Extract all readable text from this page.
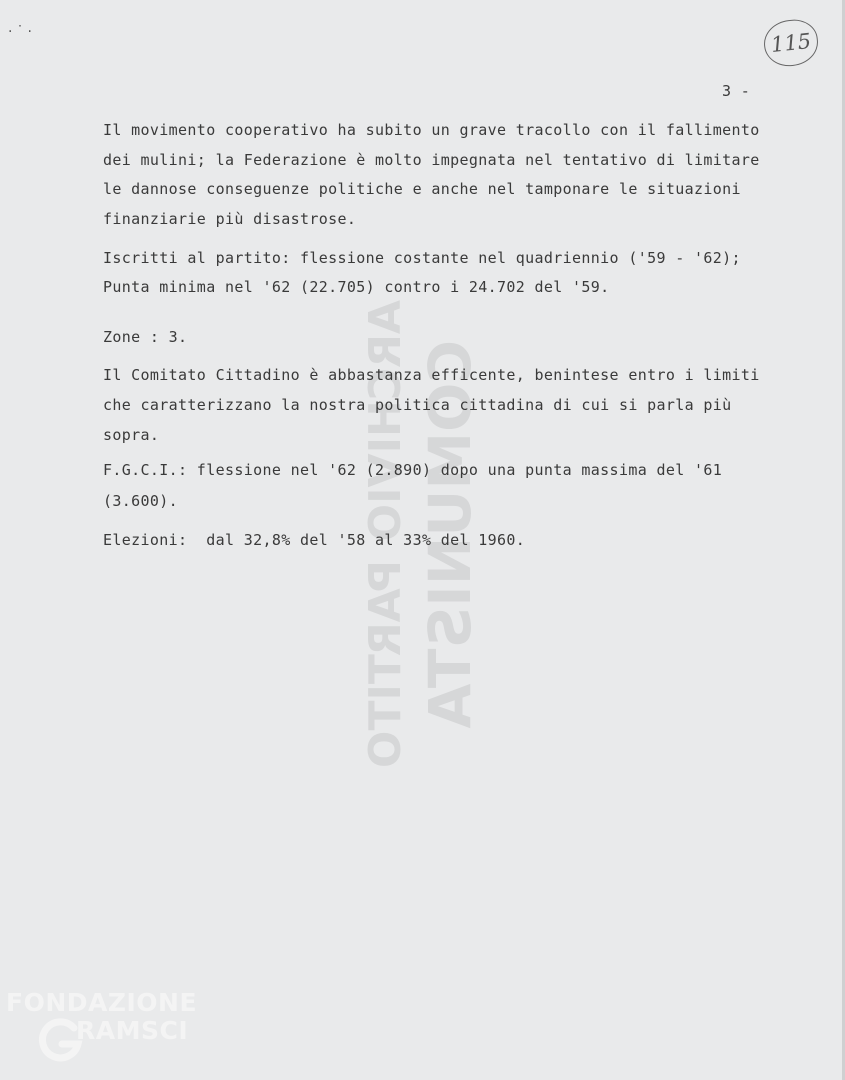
·˙·	115
3 -
ARCHIVIO
PARTITO COMUNISTA
Il movimento cooperativo ha subito un grave tracollo con il fallimento
dei mulini; la Federazione è molto impegnata nel tentativo di limitare
le dannose conseguenze politiche e anche nel tamponare le situazioni
finanziarie più disastrose.
Iscritti al partito: flessione costante nel quadriennio ('59 - '62);
Punta minima nel '62 (22.705) contro i 24.702 del '59.
Zone : 3.
Il Comitato Cittadino è abbastanza efficente, benintese entro i limiti
che caratterizzano la nostra politica cittadina di cui si parla più
sopra.
F.G.C.I.: flessione nel '62 (2.890) dopo una punta massima del '61
(3.600).
Elezioni:  dal 32,8% del '58 al 33% del 1960.
FONDAZIONE
RAMSCI
